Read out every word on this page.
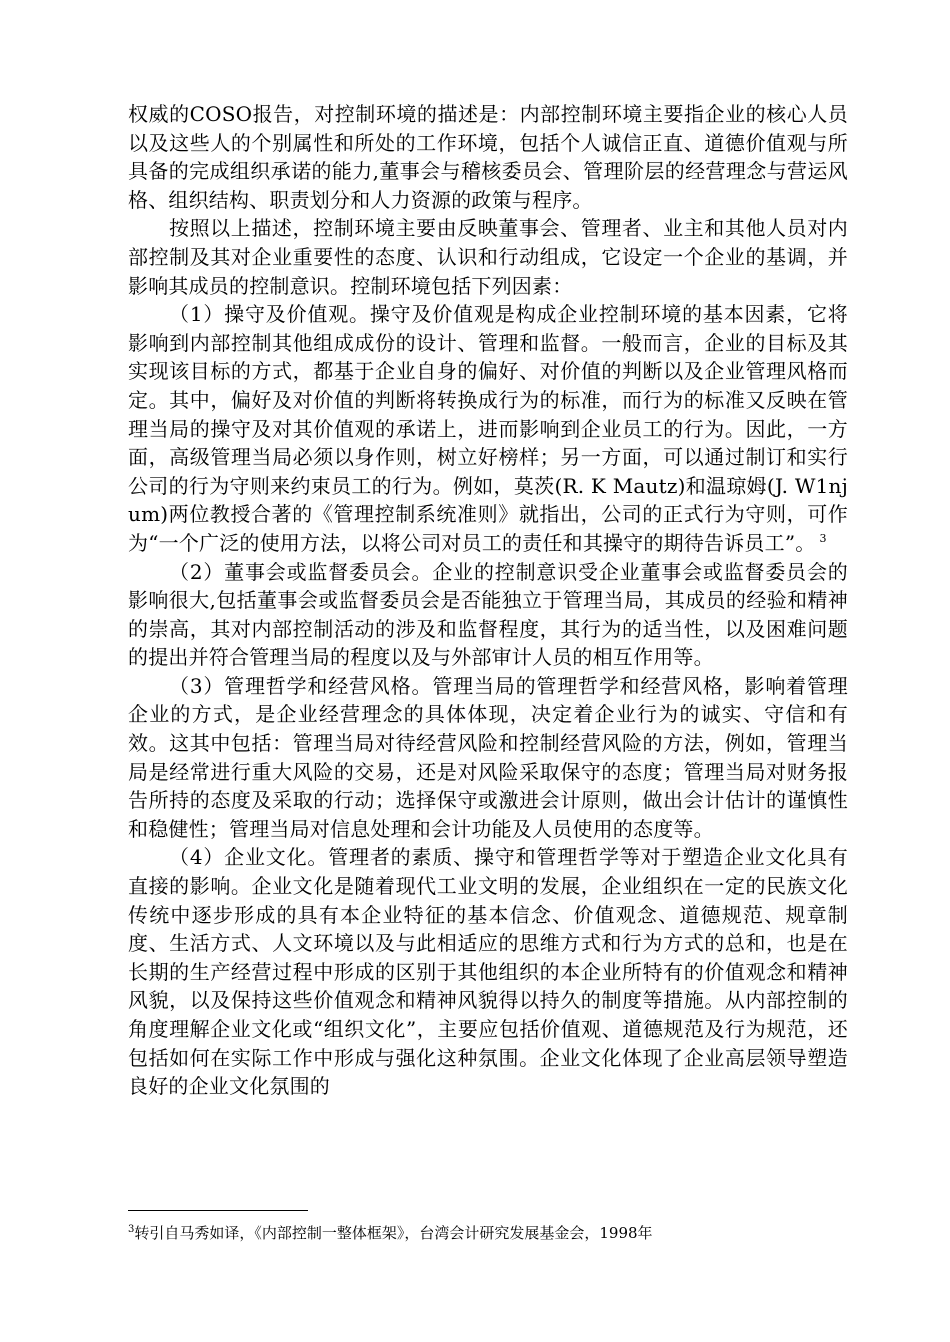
权威的COSO报告，对控制环境的描述是：内部控制环境主要指企业的核心人员以及这些人的个别属性和所处的工作环境，包括个人诚信正直、道德价值观与所具备的完成组织承诺的能力,董事会与稽核委员会、管理阶层的经营理念与营运风格、组织结构、职责划分和人力资源的政策与程序。

按照以上描述，控制环境主要由反映董事会、管理者、业主和其他人员对内部控制及其对企业重要性的态度、认识和行动组成，它设定一个企业的基调，并影响其成员的控制意识。控制环境包括下列因素：

（1）操守及价值观。操守及价值观是构成企业控制环境的基本因素，它将影响到内部控制其他组成成份的设计、管理和监督。一般而言，企业的目标及其实现该目标的方式，都基于企业自身的偏好、对价值的判断以及企业管理风格而定。其中，偏好及对价值的判断将转换成行为的标准，而行为的标准又反映在管理当局的操守及对其价值观的承诺上，进而影响到企业员工的行为。因此，一方面，高级管理当局必须以身作则，树立好榜样；另一方面，可以通过制订和实行公司的行为守则来约束员工的行为。例如，莫茨(R. K Mautz)和温琼姆(J. W1njum)两位教授合著的《管理控制系统准则》就指出，公司的正式行为守则，可作为“一个广泛的使用方法，以将公司对员工的责任和其操守的期待告诉员工”。 $^3$

（2）董事会或监督委员会。企业的控制意识受企业董事会或监督委员会的影响很大,包括董事会或监督委员会是否能独立于管理当局，其成员的经验和精神的崇高，其对内部控制活动的涉及和监督程度，其行为的适当性，以及困难问题的提出并符合管理当局的程度以及与外部审计人员的相互作用等。

（3）管理哲学和经营风格。管理当局的管理哲学和经营风格，影响着管理企业的方式，是企业经营理念的具体体现，决定着企业行为的诚实、守信和有效。这其中包括：管理当局对待经营风险和控制经营风险的方法，例如，管理当局是经常进行重大风险的交易，还是对风险采取保守的态度；管理当局对财务报告所持的态度及采取的行动；选择保守或激进会计原则，做出会计估计的谨慎性和稳健性；管理当局对信息处理和会计功能及人员使用的态度等。

（4）企业文化。管理者的素质、操守和管理哲学等对于塑造企业文化具有直接的影响。企业文化是随着现代工业文明的发展，企业组织在一定的民族文化传统中逐步形成的具有本企业特征的基本信念、价值观念、道德规范、规章制度、生活方式、人文环境以及与此相适应的思维方式和行为方式的总和，也是在长期的生产经营过程中形成的区别于其他组织的本企业所特有的价值观念和精神风貌，以及保持这些价值观念和精神风貌得以持久的制度等措施。从内部控制的角度理解企业文化或“组织文化”，主要应包括价值观、道德规范及行为规范，还包括如何在实际工作中形成与强化这种氛围。企业文化体现了企业高层领导塑造良好的企业文化氛围的

$^3$转引自马秀如译，《内部控制一整体框架》，台湾会计研究发展基金会，1998年
